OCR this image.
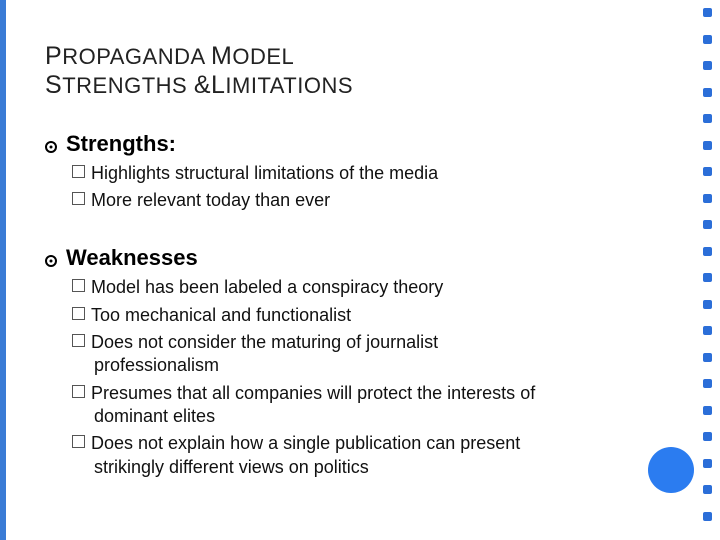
PROPAGANDA MODEL
STRENGTHS &LIMITATIONS
Strengths:
Highlights structural limitations of the media
More relevant today than ever
Weaknesses
Model has been labeled a conspiracy theory
Too mechanical and functionalist
Does not consider the maturing of journalist
professionalism
Presumes that all companies will protect the interests of
dominant elites
Does not explain how a single publication can present
strikingly different views on politics
